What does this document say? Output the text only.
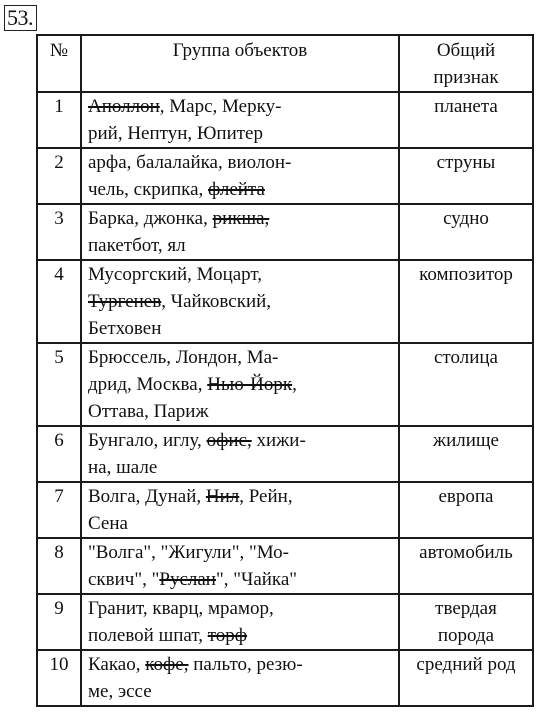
53.
№	Группа объектов	Общий признак
1	Аполлон, Марс, Мерку-
рий, Нептун, Юпитер	планета
2	арфа, балалайка, виолон-
чель, скрипка, флейта	струны
3	Барка, джонка, рикша,
пакетбот, ял	судно
4	Мусоргский, Моцарт,
Тургенев, Чайковский,
Бетховен	композитор
5	Брюссель, Лондон, Ма-
дрид, Москва, Нью-Йорк,
Оттава, Париж	столица
6	Бунгало, иглу, офис, хижи-
на, шале	жилище
7	Волга, Дунай, Нил, Рейн,
Сена	европа
8	"Волга", "Жигули", "Мо-
сквич", "Руслан", "Чайка"	автомобиль
9	Гранит, кварц, мрамор,
полевой шпат, торф	твердая порода
10	Какао, кофе, пальто, резю-
ме, эссе	средний род
